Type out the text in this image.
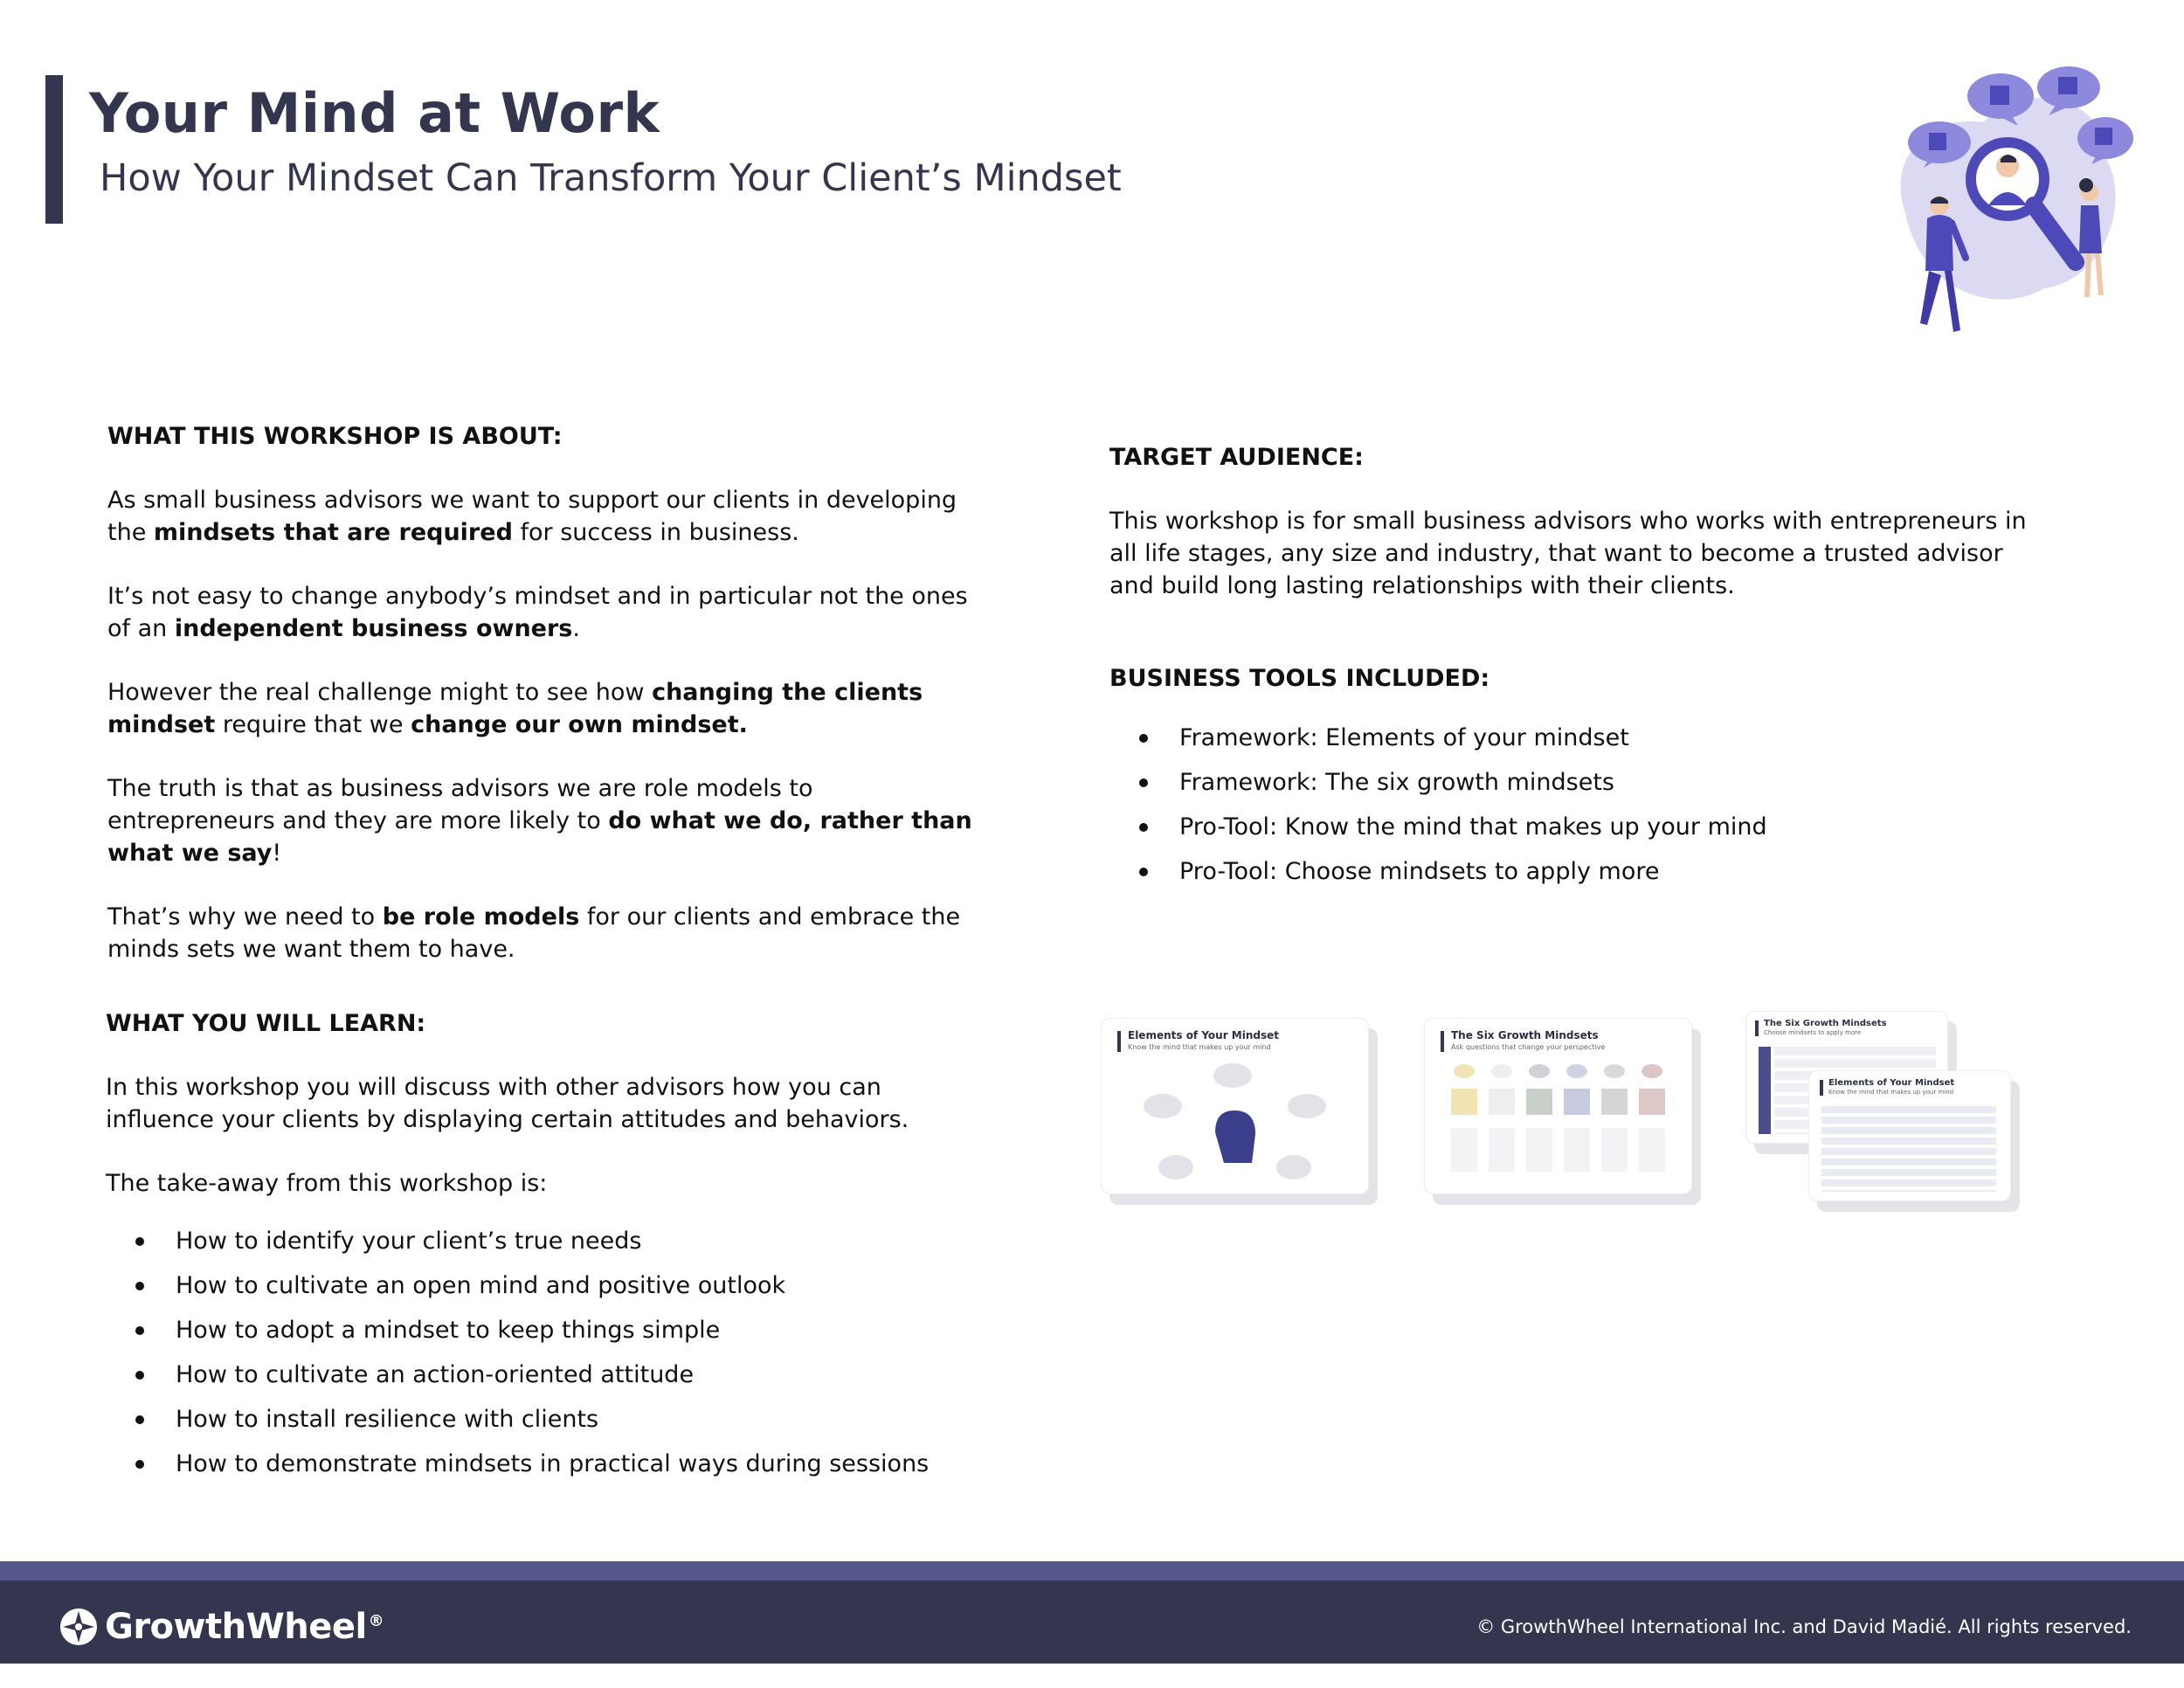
Your Mind at Work
How Your Mindset Can Transform Your Client’s Mindset

WHAT THIS WORKSHOP IS ABOUT:

As small business advisors we want to support our clients in developing the mindsets that are required for success in business.

It’s not easy to change anybody’s mindset and in particular not the ones of an independent business owners.

However the real challenge might to see how changing the clients mindset require that we change our own mindset.

The truth is that as business advisors we are role models to entrepreneurs and they are more likely to do what we do, rather than what we say!

That’s why we need to be role models for our clients and embrace the minds sets we want them to have.

WHAT YOU WILL LEARN:

In this workshop you will discuss with other advisors how you can influence your clients by displaying certain attitudes and behaviors.

The take-away from this workshop is:

How to identify your client’s true needs
How to cultivate an open mind and positive outlook
How to adopt a mindset to keep things simple
How to cultivate an action-oriented attitude
How to install resilience with clients
How to demonstrate mindsets in practical ways during sessions

TARGET AUDIENCE:

This workshop is for small business advisors who works with entrepreneurs in all life stages, any size and industry, that want to become a trusted advisor and build long lasting relationships with their clients.

BUSINESS TOOLS INCLUDED:

Framework: Elements of your mindset
Framework: The six growth mindsets
Pro-Tool: Know the mind that makes up your mind
Pro-Tool: Choose mindsets to apply more
Elements of Your Mindset
Know the mind that makes up your mind
The Six Growth Mindsets
Ask questions that change your perspective
The Six Growth Mindsets
Choose mindsets to apply more
Elements of Your Mindset
Know the mind that makes up your mind
GrowthWheel ®	© GrowthWheel International Inc. and David Madié. All rights reserved.
